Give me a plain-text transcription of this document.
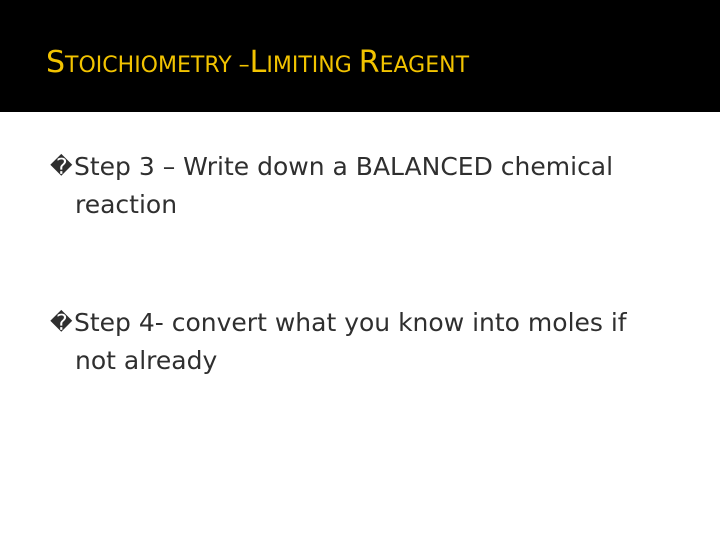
STOICHIOMETRY –LIMITING REAGENT
�Step 3 – Write down a BALANCED chemical
reaction
�Step 4- convert what you know into moles if
not already
